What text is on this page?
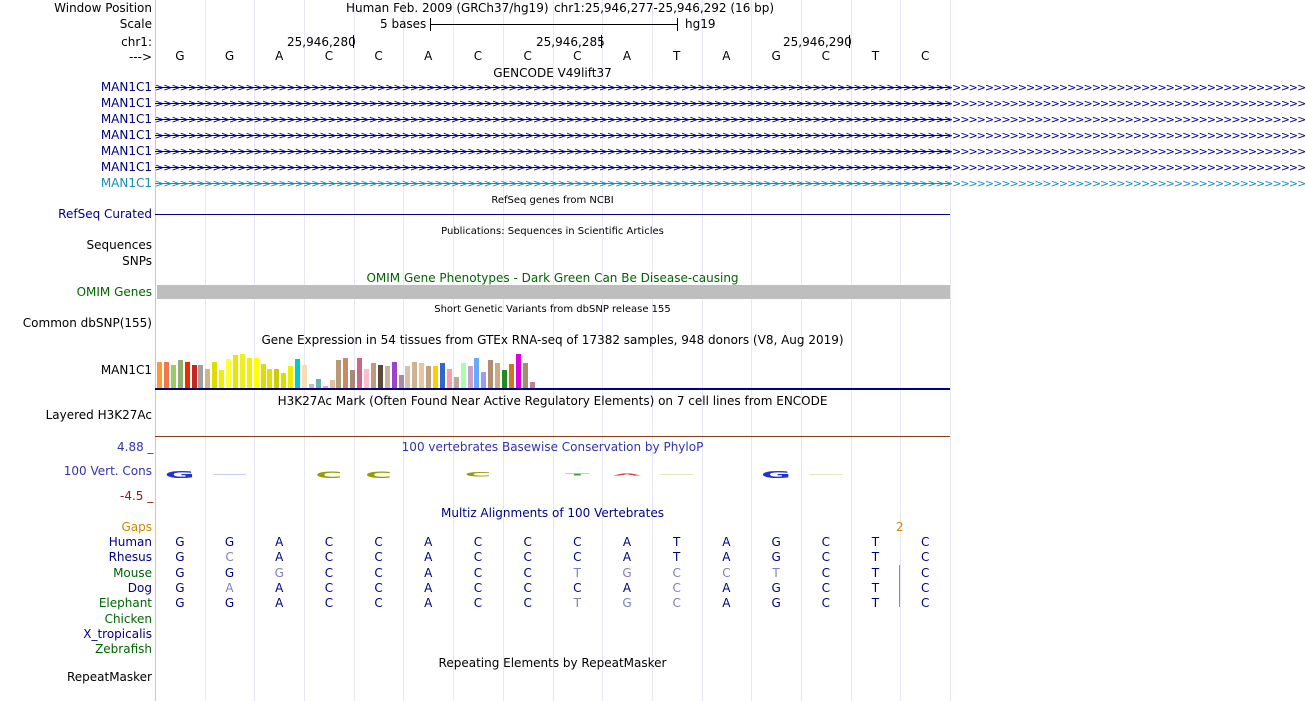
Window Position
Scale
chr1:
--->
Human Feb. 2009 (GRCh37/hg19) chr1:25,946,277-25,946,292 (16 bp)
5 bases	hg19
25,946,280	25,946,285	25,946,290
G	G	A	C	C	A	C	C	C	A	T	A	G	C	T	C
GENCODE V49lift37
MAN1C1 >>>>>>>>>>>>>>>>>>>>>>>>>>>>>>>>>>>>>>>>>>>>>>>>>>>>>>>>>>>>>>>>>>>>>>>>>>>>>>>>>>>>>>>>>>>>>>>>>>>>>>>>>>>>>>>>>>>>>>>>>>>>>>>>>>>>>>>>>>>>
MAN1C1 >>>>>>>>>>>>>>>>>>>>>>>>>>>>>>>>>>>>>>>>>>>>>>>>>>>>>>>>>>>>>>>>>>>>>>>>>>>>>>>>>>>>>>>>>>>>>>>>>>>>>>>>>>>>>>>>>>>>>>>>>>>>>>>>>>>>>>>>>>>>
MAN1C1 >>>>>>>>>>>>>>>>>>>>>>>>>>>>>>>>>>>>>>>>>>>>>>>>>>>>>>>>>>>>>>>>>>>>>>>>>>>>>>>>>>>>>>>>>>>>>>>>>>>>>>>>>>>>>>>>>>>>>>>>>>>>>>>>>>>>>>>>>>>>
MAN1C1 >>>>>>>>>>>>>>>>>>>>>>>>>>>>>>>>>>>>>>>>>>>>>>>>>>>>>>>>>>>>>>>>>>>>>>>>>>>>>>>>>>>>>>>>>>>>>>>>>>>>>>>>>>>>>>>>>>>>>>>>>>>>>>>>>>>>>>>>>>>>
MAN1C1 >>>>>>>>>>>>>>>>>>>>>>>>>>>>>>>>>>>>>>>>>>>>>>>>>>>>>>>>>>>>>>>>>>>>>>>>>>>>>>>>>>>>>>>>>>>>>>>>>>>>>>>>>>>>>>>>>>>>>>>>>>>>>>>>>>>>>>>>>>>>
MAN1C1 >>>>>>>>>>>>>>>>>>>>>>>>>>>>>>>>>>>>>>>>>>>>>>>>>>>>>>>>>>>>>>>>>>>>>>>>>>>>>>>>>>>>>>>>>>>>>>>>>>>>>>>>>>>>>>>>>>>>>>>>>>>>>>>>>>>>>>>>>>>>
MAN1C1 >>>>>>>>>>>>>>>>>>>>>>>>>>>>>>>>>>>>>>>>>>>>>>>>>>>>>>>>>>>>>>>>>>>>>>>>>>>>>>>>>>>>>>>>>>>>>>>>>>>>>>>>>>>>>>>>>>>>>>>>>>>>>>>>>>>>>>>>>>>>
RefSeq genes from NCBI
RefSeq Curated
Publications: Sequences in Scientific Articles
Sequences
SNPs
OMIM Gene Phenotypes - Dark Green Can Be Disease-causing
OMIM Genes
Short Genetic Variants from dbSNP release 155
Common dbSNP(155)
Gene Expression in 54 tissues from GTEx RNA-seq of 17382 samples, 948 donors (V8, Aug 2019)
MAN1C1
H3K27Ac Mark (Often Found Near Active Regulatory Elements) on 7 cell lines from ENCODE
Layered H3K27Ac
4.88 _	100 vertebrates Basewise Conservation by PhyloP
100 Vert. Cons
-4.5 _
G —	C C	C	T A —	G —
Multiz Alignments of 100 Vertebrates
Gaps	2
Human	G	G	A	C	C	A	C	C	C	A	T	A	G	C	T	C
Rhesus	G	C	A	C	C	A	C	C	C	A	T	A	G	C	T	C
Mouse	G	G	G	C	C	A	C	C	T	G	C	C	T	C	T	C
Dog	G	A	A	C	C	A	C	C	C	A	C	A	G	C	T	C
Elephant	G	G	A	C	C	A	C	C	T	G	C	A	G	C	T	C
Chicken
X_tropicalis
Zebrafish
Repeating Elements by RepeatMasker
RepeatMasker
